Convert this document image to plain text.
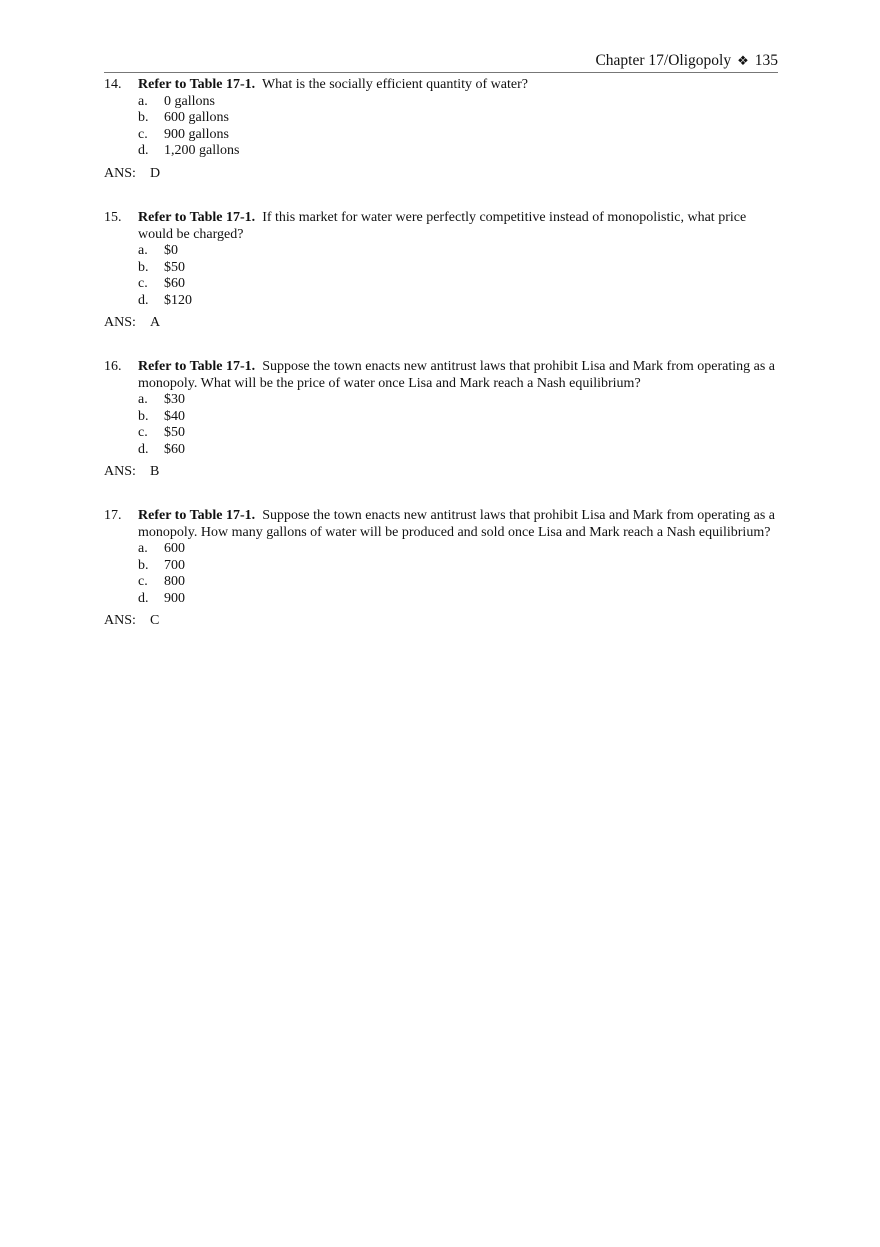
Chapter 17/Oligopoly ❖ 135
14.	Refer to Table 17-1. What is the socially efficient quantity of water?
a.	0 gallons
b.	600 gallons
c.	900 gallons
d.	1,200 gallons
ANS: D
15.	Refer to Table 17-1. If this market for water were perfectly competitive instead of monopolistic, what price would be charged?
a.	$0
b.	$50
c.	$60
d.	$120
ANS: A
16.	Refer to Table 17-1. Suppose the town enacts new antitrust laws that prohibit Lisa and Mark from operating as a monopoly. What will be the price of water once Lisa and Mark reach a Nash equilibrium?
a.	$30
b.	$40
c.	$50
d.	$60
ANS: B
17.	Refer to Table 17-1. Suppose the town enacts new antitrust laws that prohibit Lisa and Mark from operating as a monopoly. How many gallons of water will be produced and sold once Lisa and Mark reach a Nash equilibrium?
a.	600
b.	700
c.	800
d.	900
ANS: C
